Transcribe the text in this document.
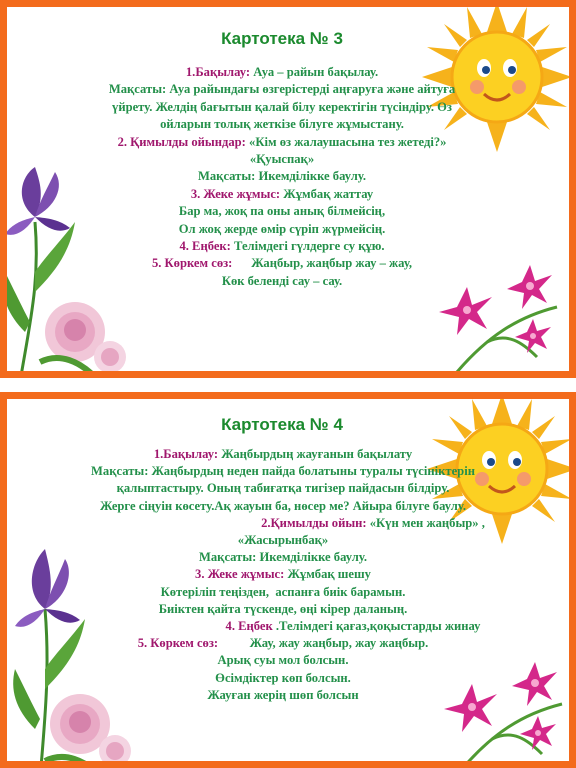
Картотека № 3
1.Бақылау: Ауа – райын бақылау.
Мақсаты: Ауа райындағы өзгерістерді аңғаруға және айтуға
үйрету. Желдің бағытын қалай білу керектігін түсіндіру. Өз
ойларын толық жеткізе білуге жұмыстану.
2. Қимылды ойындар: «Кім өз жалаушасына тез жетеді?»
«Қуыспақ»
Мақсаты: Икемділікке баулу.
3. Жеке жұмыс: Жұмбақ жаттау
Бар ма, жоқ па оны анық білмейсің,
Ол жоқ жерде өмір сүріп жүрмейсің.
4. Еңбек: Телімдегі гүлдерге су құю.
5. Көркем сөз:      Жаңбыр, жаңбыр жау – жау,
Көк беленді сау – сау.
Картотека № 4
1.Бақылау: Жаңбырдың жауғанын бақылату
Мақсаты: Жаңбырдың неден пайда болатыны туралы түсініктерін
қалыптастыру. Оның табиғатқа тигізер пайдасын білдіру.
Жерге сіңуін көсету.Ақ жауын ба, нөсер ме? Айыра білуге баулу.
2.Қимылды ойын: «Күн мен жаңбыр» ,
«Жасырынбақ»
Мақсаты: Икемділікке баулу.
3. Жеке жұмыс: Жұмбақ шешу
Көтеріліп теңізден,  аспанға биік барамын.
Биіктен қайта түскенде, өңі кірер даланың.
4. Еңбек .Телімдегі қағаз,қоқыстарды жинау
5. Көркем сөз:          Жау, жау жаңбыр, жау жаңбыр.
Арық суы мол болсын.
Өсімдіктер көп болсын.
Жауған жерің шөп болсын
